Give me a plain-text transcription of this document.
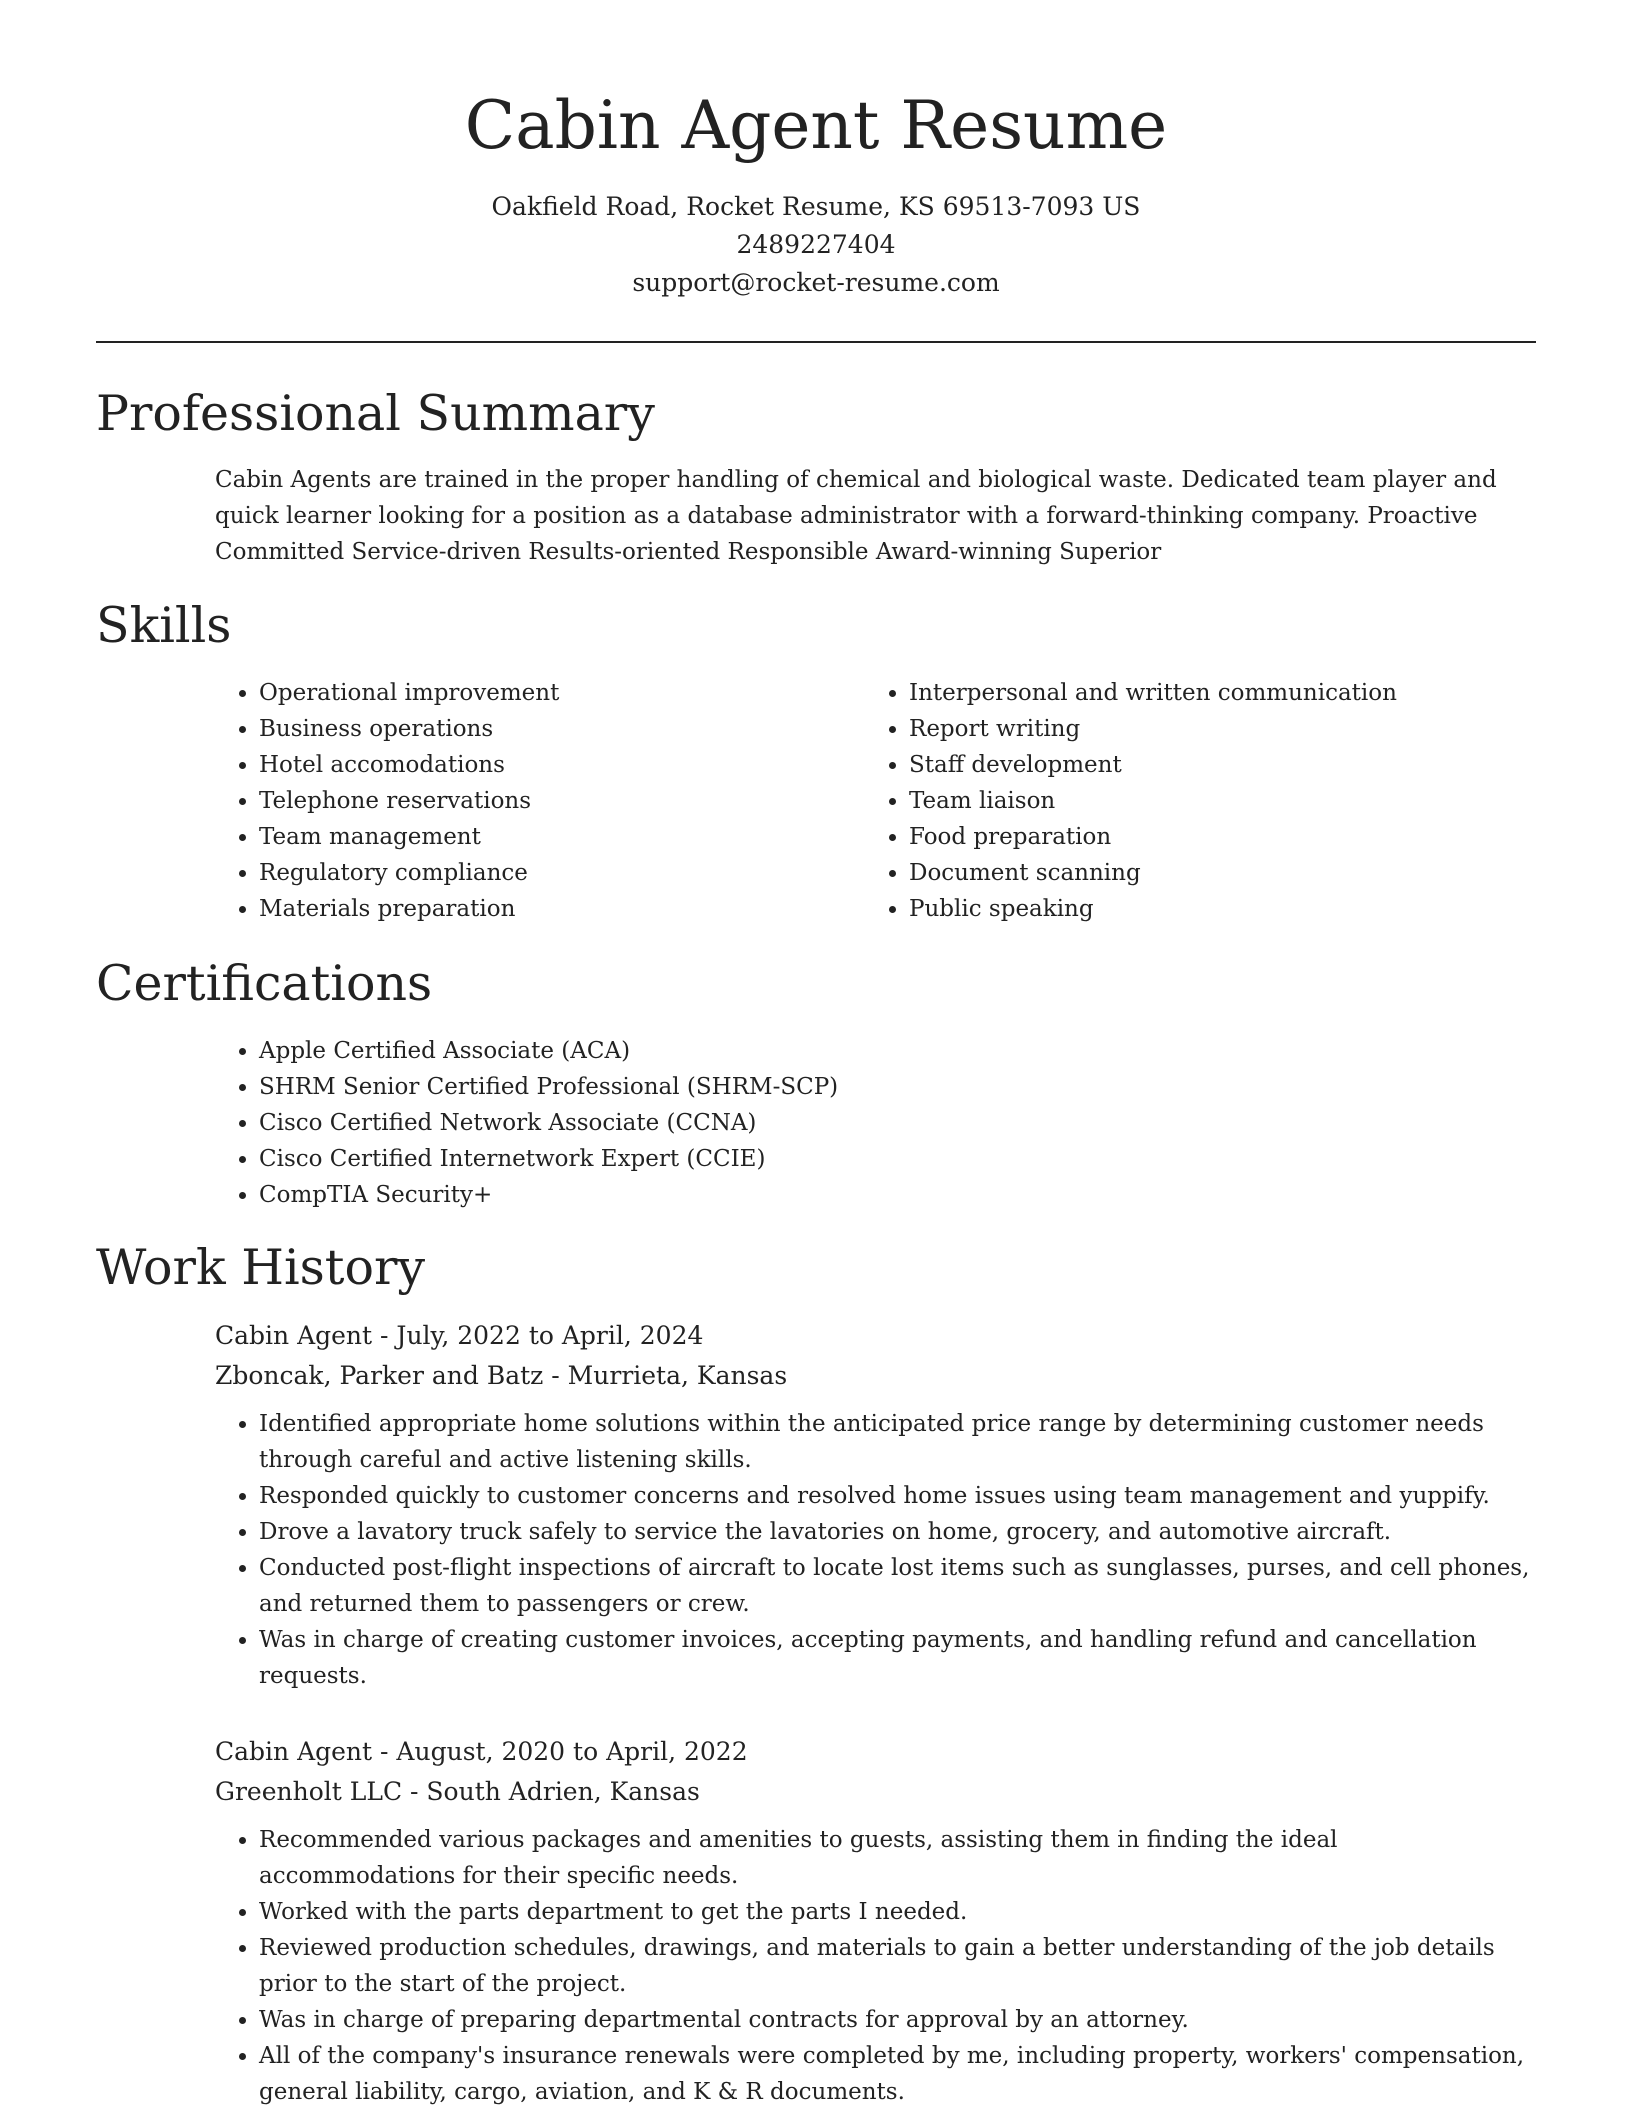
Cabin Agent Resume
Oakfield Road, Rocket Resume, KS 69513-7093 US
2489227404
support@rocket-resume.com
Professional Summary
Cabin Agents are trained in the proper handling of chemical and biological waste. Dedicated team player and quick learner looking for a position as a database administrator with a forward-thinking company. Proactive Committed Service-driven Results-oriented Responsible Award-winning Superior
Skills
• Operational improvement
• Business operations
• Hotel accomodations
• Telephone reservations
• Team management
• Regulatory compliance
• Materials preparation
• Interpersonal and written communication
• Report writing
• Staff development
• Team liaison
• Food preparation
• Document scanning
• Public speaking
Certifications
• Apple Certified Associate (ACA)
• SHRM Senior Certified Professional (SHRM-SCP)
• Cisco Certified Network Associate (CCNA)
• Cisco Certified Internetwork Expert (CCIE)
• CompTIA Security+
Work History
Cabin Agent - July, 2022 to April, 2024
Zboncak, Parker and Batz - Murrieta, Kansas
• Identified appropriate home solutions within the anticipated price range by determining customer needs through careful and active listening skills.
• Responded quickly to customer concerns and resolved home issues using team management and yuppify.
• Drove a lavatory truck safely to service the lavatories on home, grocery, and automotive aircraft.
• Conducted post-flight inspections of aircraft to locate lost items such as sunglasses, purses, and cell phones, and returned them to passengers or crew.
• Was in charge of creating customer invoices, accepting payments, and handling refund and cancellation requests.
Cabin Agent - August, 2020 to April, 2022
Greenholt LLC - South Adrien, Kansas
• Recommended various packages and amenities to guests, assisting them in finding the ideal accommodations for their specific needs.
• Worked with the parts department to get the parts I needed.
• Reviewed production schedules, drawings, and materials to gain a better understanding of the job details prior to the start of the project.
• Was in charge of preparing departmental contracts for approval by an attorney.
• All of the company's insurance renewals were completed by me, including property, workers' compensation, general liability, cargo, aviation, and K & R documents.
